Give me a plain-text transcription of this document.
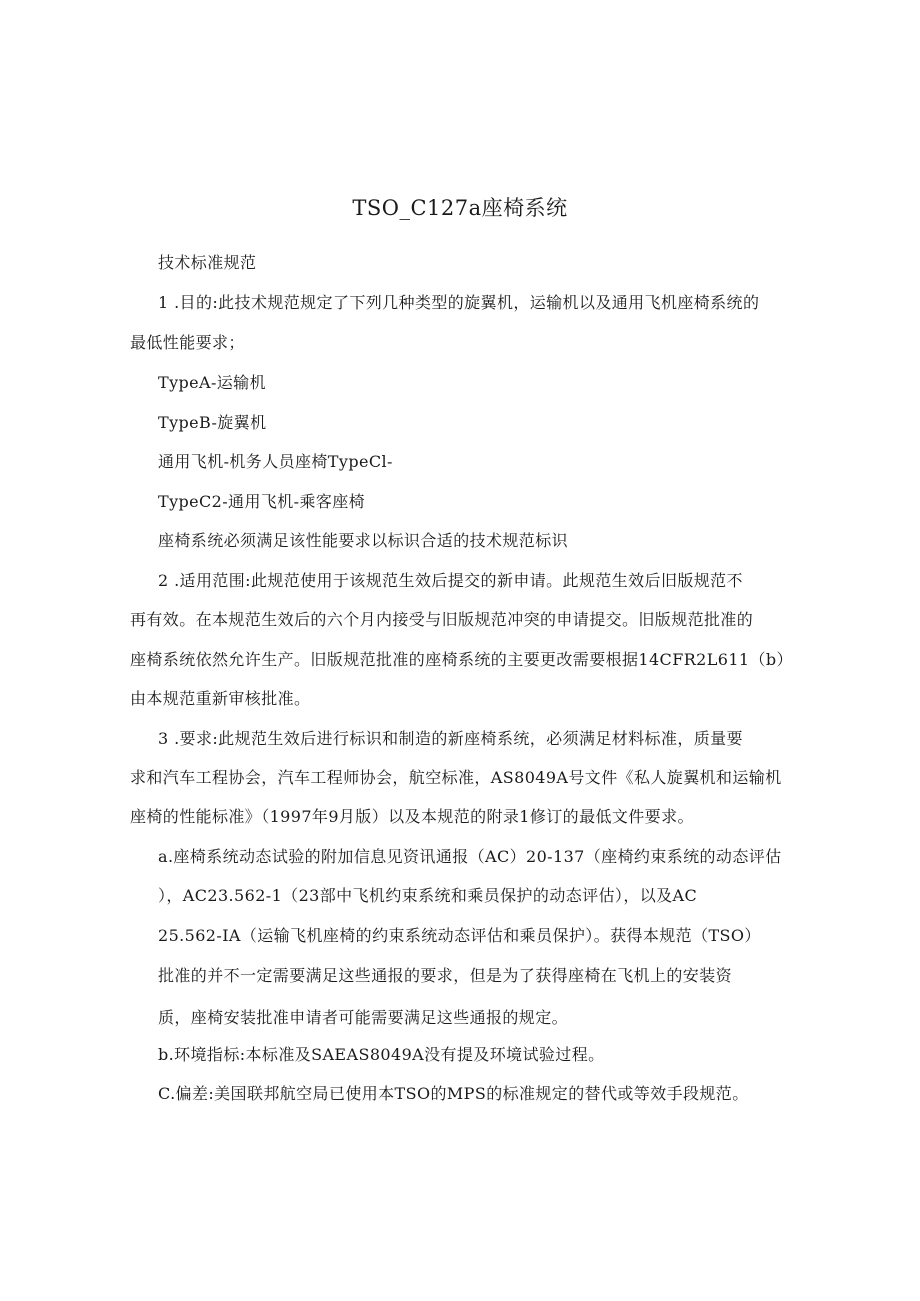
TSO_C127a座椅系统
技术标准规范
1 .目的:此技术规范规定了下列几种类型的旋翼机，运输机以及通用飞机座椅系统的
最低性能要求；
TypeA-运输机
TypeB-旋翼机
通用飞机-机务人员座椅TypeCl-
TypeC2-通用飞机-乘客座椅
座椅系统必须满足该性能要求以标识合适的技术规范标识
2 .适用范围:此规范使用于该规范生效后提交的新申请。此规范生效后旧版规范不
再有效。在本规范生效后的六个月内接受与旧版规范冲突的申请提交。旧版规范批准的
座椅系统依然允许生产。旧版规范批准的座椅系统的主要更改需要根据14CFR2L611（b）
由本规范重新审核批准。
3 .要求:此规范生效后进行标识和制造的新座椅系统，必须满足材料标准，质量要
求和汽车工程协会，汽车工程师协会，航空标准，AS8049A号文件《私人旋翼机和运输机
座椅的性能标准》（1997年9月版）以及本规范的附录1修订的最低文件要求。
a.座椅系统动态试验的附加信息见资讯通报（AC）20-137（座椅约束系统的动态评估
），AC23.562-1（23部中飞机约束系统和乘员保护的动态评估），以及AC
25.562-IA（运输飞机座椅的约束系统动态评估和乘员保护）。获得本规范（TSO）
批准的并不一定需要满足这些通报的要求，但是为了获得座椅在飞机上的安装资
质，座椅安装批准申请者可能需要满足这些通报的规定。
b.环境指标:本标准及SAEAS8049A没有提及环境试验过程。
C.偏差:美国联邦航空局已使用本TSO的MPS的标准规定的替代或等效手段规范。
